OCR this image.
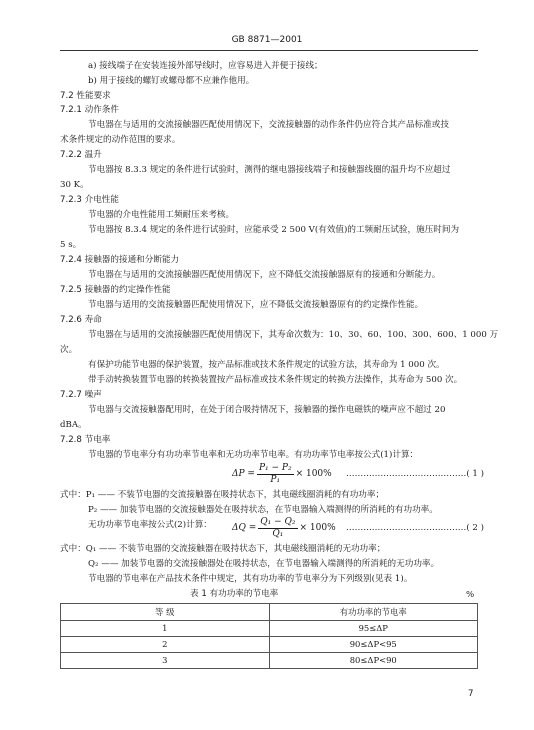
GB 8871—2001
a) 接线端子在安装连接外部导线时，应容易进入并便于接线；
b) 用于接线的螺钉或螺母都不应兼作他用。
7.2 性能要求
7.2.1 动作条件
节电器在与适用的交流接触器匹配使用情况下，交流接触器的动作条件仍应符合其产品标准或技
术条件规定的动作范围的要求。
7.2.2 温升
节电器按 8.3.3 规定的条件进行试验时，测得的继电器接线端子和接触器线圈的温升均不应超过
30 K。
7.2.3 介电性能
节电器的介电性能用工频耐压来考核。
节电器按 8.3.4 规定的条件进行试验时，应能承受 2 500 V(有效值)的工频耐压试验，施压时间为
5 s。
7.2.4 接触器的接通和分断能力
节电器在与适用的交流接触器匹配使用情况下，应不降低交流接触器原有的接通和分断能力。
7.2.5 接触器的约定操作性能
节电器与适用的交流接触器匹配使用情况下，应不降低交流接触器原有的约定操作性能。
7.2.6 寿命
节电器在与适用的交流接触器匹配使用情况下，其寿命次数为：10、30、60、100、300、600、1 000 万
次。
有保护功能节电器的保护装置，按产品标准或技术条件规定的试验方法，其寿命为 1 000 次。
带手动转换装置节电器的转换装置按产品标准或技术条件规定的转换方法操作，其寿命为 500 次。
7.2.7 噪声
节电器与交流接触器配用时，在处于闭合吸持情况下，接触器的操作电磁铁的噪声应不超过 20
dBA。
7.2.8 节电率
节电器的节电率分有功功率节电率和无功功率节电率。有功功率节电率按公式(1)计算：
$\Delta P = \frac{\text{P₁ − P₂}}{\text{P₁}} \times 100\%$ ……………………………………( 1 )
式中：P₁ —— 不装节电器的交流接触器在吸持状态下，其电磁线圈消耗的有功功率；
P₂ —— 加装节电器的交流接触器处在吸持状态，在节电器输入端测得的所消耗的有功功率。
无功功率节电率按公式(2)计算： $\Delta Q = \frac{\text{Q₁ − Q₂}}{\text{Q₁}} \times 100\%$ ……………………………………( 2 )
式中：Q₁ —— 不装节电器的交流接触器在吸持状态下，其电磁线圈消耗的无功功率；
Q₂ —— 加装节电器的交流接触器处在吸持状态，在节电器输入端测得的所消耗的无功功率。
节电器的节电率在产品技术条件中规定，其有功功率的节电率分为下列级别(见表 1)。
表 1 有功功率的节电率	%
等 级	有功功率的节电率
1	95≤ΔP
2	90≤ΔP<95
3	80≤ΔP<90
7
